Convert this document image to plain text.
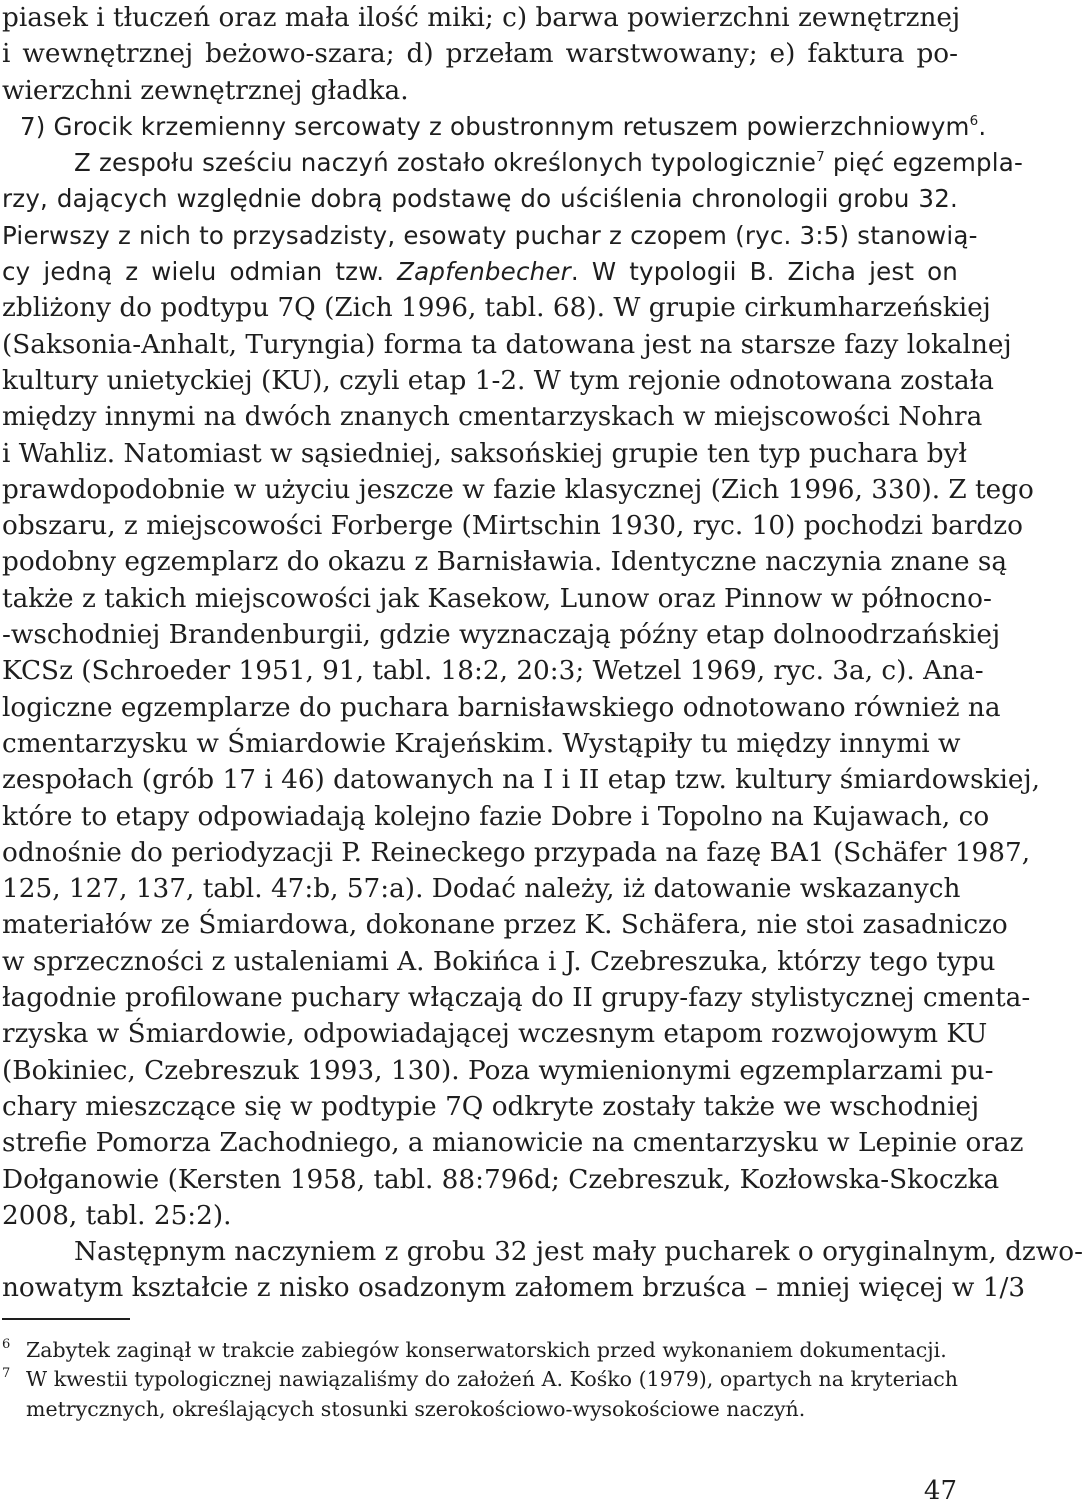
piasek i tłuczeń oraz mała ilość miki; c) barwa powierzchni zewnętrznej
i wewnętrznej beżowo-szara; d) przełam warstwowany; e) faktura po-
wierzchni zewnętrznej gładka.
7) Grocik krzemienny sercowaty z obustronnym retuszem powierzchniowym$^6$.
Z zespołu sześciu naczyń zostało określonych typologicznie$^7$ pięć egzempla-
rzy, dających względnie dobrą podstawę do uściślenia chronologii grobu 32.
Pierwszy z nich to przysadzisty, esowaty puchar z czopem (ryc. 3:5) stanowią-
cy jedną z wielu odmian tzw. Zapfenbecher. W typologii B. Zicha jest on
zbliżony do podtypu 7Q (Zich 1996, tabl. 68). W grupie cirkumharzeńskiej
(Saksonia-Anhalt, Turyngia) forma ta datowana jest na starsze fazy lokalnej
kultury unietyckiej (KU), czyli etap 1-2. W tym rejonie odnotowana została
między innymi na dwóch znanych cmentarzyskach w miejscowości Nohra
i Wahliz. Natomiast w sąsiedniej, saksońskiej grupie ten typ puchara był
prawdopodobnie w użyciu jeszcze w fazie klasycznej (Zich 1996, 330). Z tego
obszaru, z miejscowości Forberge (Mirtschin 1930, ryc. 10) pochodzi bardzo
podobny egzemplarz do okazu z Barnisławia. Identyczne naczynia znane są
także z takich miejscowości jak Kasekow, Lunow oraz Pinnow w północno-
-wschodniej Brandenburgii, gdzie wyznaczają późny etap dolnoodrzańskiej
KCSz (Schroeder 1951, 91, tabl. 18:2, 20:3; Wetzel 1969, ryc. 3a, c). Ana-
logiczne egzemplarze do puchara barnisławskiego odnotowano również na
cmentarzysku w Śmiardowie Krajeńskim. Wystąpiły tu między innymi w
zespołach (grób 17 i 46) datowanych na I i II etap tzw. kultury śmiardowskiej,
które to etapy odpowiadają kolejno fazie Dobre i Topolno na Kujawach, co
odnośnie do periodyzacji P. Reineckego przypada na fazę BA1 (Schäfer 1987,
125, 127, 137, tabl. 47:b, 57:a). Dodać należy, iż datowanie wskazanych
materiałów ze Śmiardowa, dokonane przez K. Schäfera, nie stoi zasadniczo
w sprzeczności z ustaleniami A. Bokińca i J. Czebreszuka, którzy tego typu
łagodnie profilowane puchary włączają do II grupy-fazy stylistycznej cmenta-
rzyska w Śmiardowie, odpowiadającej wczesnym etapom rozwojowym KU
(Bokiniec, Czebreszuk 1993, 130). Poza wymienionymi egzemplarzami pu-
chary mieszczące się w podtypie 7Q odkryte zostały także we wschodniej
strefie Pomorza Zachodniego, a mianowicie na cmentarzysku w Lepinie oraz
Dołganowie (Kersten 1958, tabl. 88:796d; Czebreszuk, Kozłowska-Skoczka
2008, tabl. 25:2).
Następnym naczyniem z grobu 32 jest mały pucharek o oryginalnym, dzwo-
nowatym kształcie z nisko osadzonym załomem brzuśca – mniej więcej w 1/3
6 Zabytek zaginął w trakcie zabiegów konserwatorskich przed wykonaniem dokumentacji.
7 W kwestii typologicznej nawiązaliśmy do założeń A. Kośko (1979), opartych na kryteriach
metrycznych, określających stosunki szerokościowo-wysokościowe naczyń.
47
